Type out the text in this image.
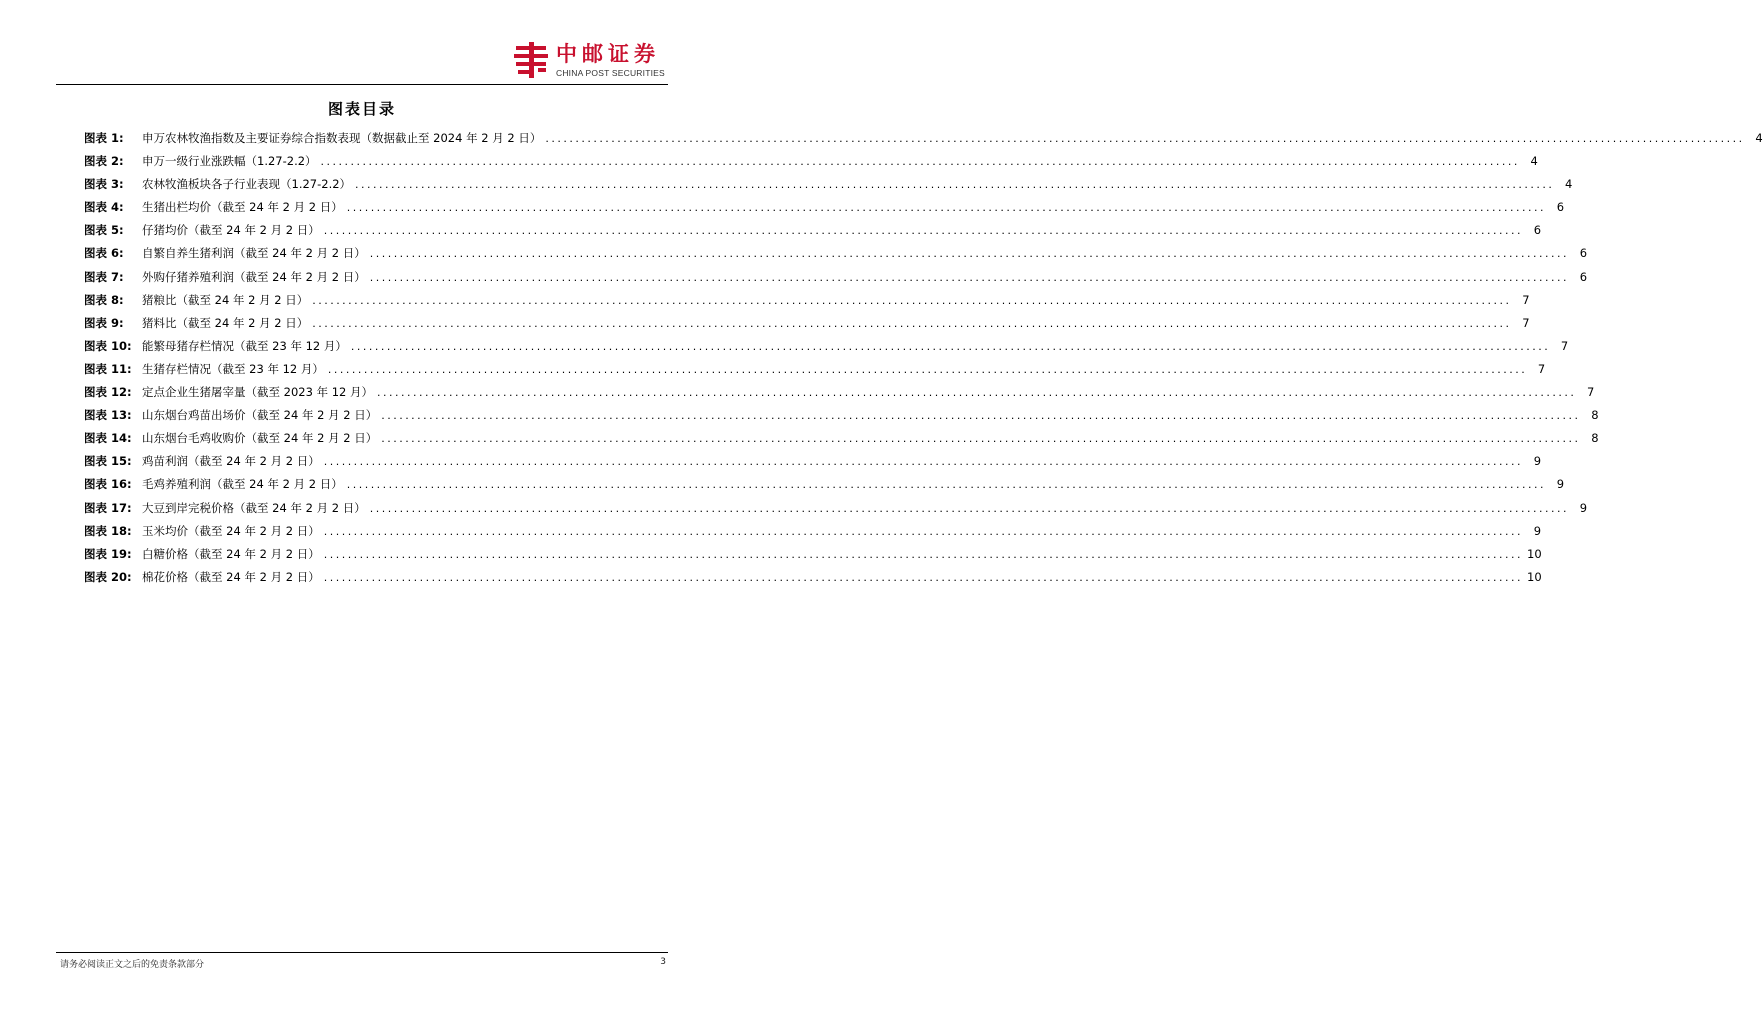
中邮证券
CHINA POST SECURITIES
图表目录
图表 1:	申万农林牧渔指数及主要证券综合指数表现（数据截止至 2024 年 2 月 2 日） ........................................................................................................................................................................................................ 4
图表 2:	申万一级行业涨跌幅（1.27-2.2） ........................................................................................................................................................................................................ 4
图表 3:	农林牧渔板块各子行业表现（1.27-2.2） ........................................................................................................................................................................................................ 4
图表 4:	生猪出栏均价（截至 24 年 2 月 2 日） ........................................................................................................................................................................................................ 6
图表 5:	仔猪均价（截至 24 年 2 月 2 日） ........................................................................................................................................................................................................ 6
图表 6:	自繁自养生猪利润（截至 24 年 2 月 2 日） ........................................................................................................................................................................................................ 6
图表 7:	外购仔猪养殖利润（截至 24 年 2 月 2 日） ........................................................................................................................................................................................................ 6
图表 8:	猪粮比（截至 24 年 2 月 2 日） ........................................................................................................................................................................................................ 7
图表 9:	猪料比（截至 24 年 2 月 2 日） ........................................................................................................................................................................................................ 7
图表 10: 能繁母猪存栏情况（截至 23 年 12 月） ........................................................................................................................................................................................................ 7
图表 11: 生猪存栏情况（截至 23 年 12 月） ........................................................................................................................................................................................................ 7
图表 12: 定点企业生猪屠宰量（截至 2023 年 12 月） ........................................................................................................................................................................................................ 7
图表 13: 山东烟台鸡苗出场价（截至 24 年 2 月 2 日） ........................................................................................................................................................................................................ 8
图表 14: 山东烟台毛鸡收购价（截至 24 年 2 月 2 日） ........................................................................................................................................................................................................ 8
图表 15: 鸡苗利润（截至 24 年 2 月 2 日） ........................................................................................................................................................................................................ 9
图表 16: 毛鸡养殖利润（截至 24 年 2 月 2 日） ........................................................................................................................................................................................................ 9
图表 17: 大豆到岸完税价格（截至 24 年 2 月 2 日） ........................................................................................................................................................................................................ 9
图表 18: 玉米均价（截至 24 年 2 月 2 日） ........................................................................................................................................................................................................ 9
图表 19: 白糖价格（截至 24 年 2 月 2 日） ........................................................................................................................................................................................................ 10
图表 20: 棉花价格（截至 24 年 2 月 2 日） ........................................................................................................................................................................................................ 10
请务必阅读正文之后的免责条款部分	3
